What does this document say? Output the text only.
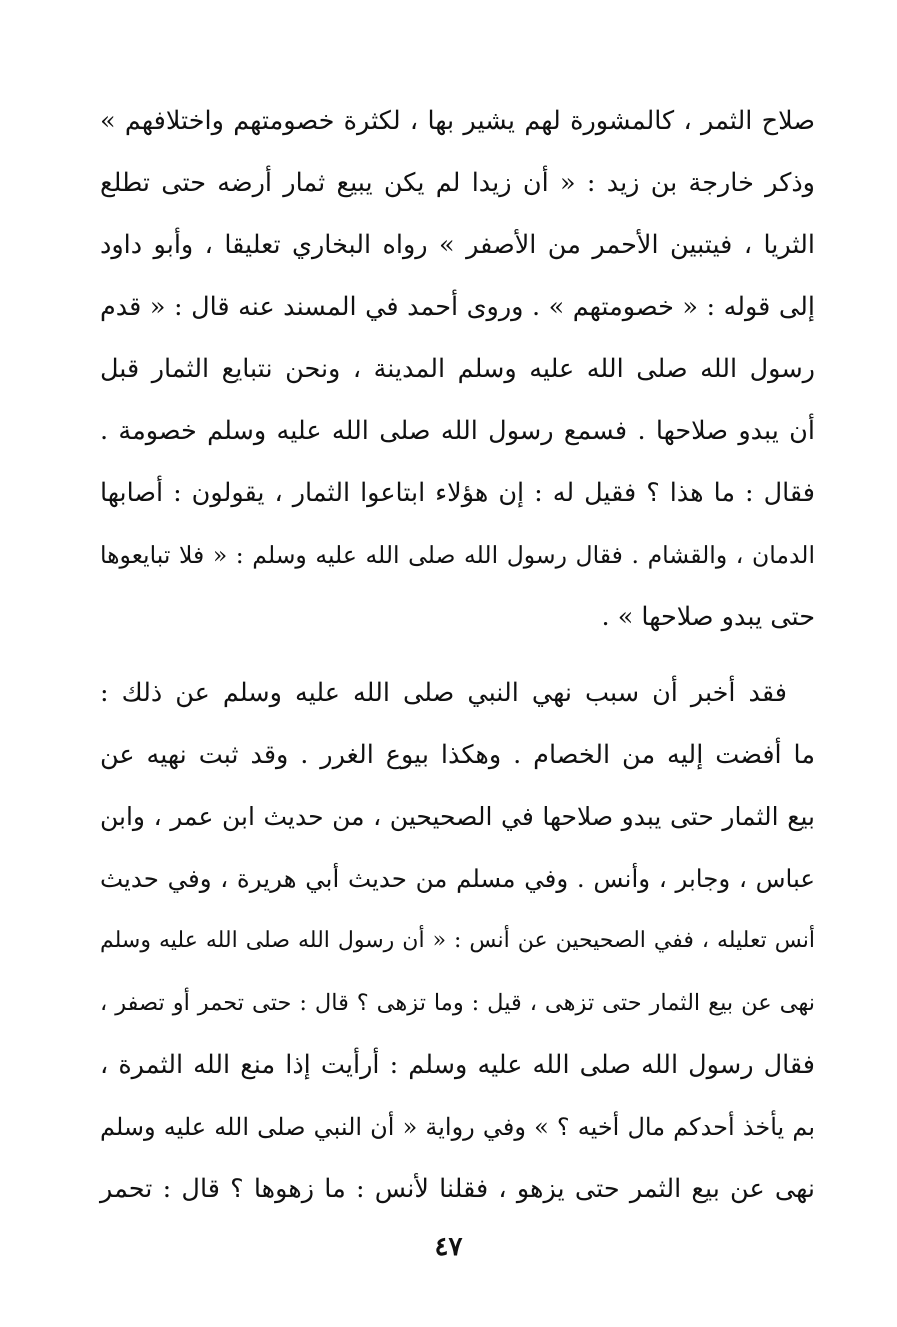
صلاح الثمر ، كالمشورة لهم يشير بها ، لكثرة خصومتهم واختلافهم »
وذكر خارجة بن زيد : « أن زيدا لم يكن يبيع ثمار أرضه حتى تطلع
الثريا ، فيتبين الأحمر من الأصفر » رواه البخاري تعليقا ، وأبو داود
إلى قوله : « خصومتهم » . وروى أحمد في المسند عنه قال : « قدم
رسول الله صلى الله عليه وسلم المدينة ، ونحن نتبايع الثمار قبل
أن يبدو صلاحها . فسمع رسول الله صلى الله عليه وسلم خصومة .
فقال : ما هذا ؟ فقيل له : إن هؤلاء ابتاعوا الثمار ، يقولون : أصابها
الدمان ، والقشام . فقال رسول الله صلى الله عليه وسلم : « فلا تبايعوها
حتى يبدو صلاحها » .
فقد أخبر أن سبب نهي النبي صلى الله عليه وسلم عن ذلك :
ما أفضت إليه من الخصام . وهكذا بيوع الغرر . وقد ثبت نهيه عن
بيع الثمار حتى يبدو صلاحها في الصحيحين ، من حديث ابن عمر ، وابن
عباس ، وجابر ، وأنس . وفي مسلم من حديث أبي هريرة ، وفي حديث
أنس تعليله ، ففي الصحيحين عن أنس : « أن رسول الله صلى الله عليه وسلم
نهى عن بيع الثمار حتى تزهى ، قيل : وما تزهى ؟ قال : حتى تحمر أو تصفر ،
فقال رسول الله صلى الله عليه وسلم : أرأيت إذا منع الله الثمرة ،
بم يأخذ أحدكم مال أخيه ؟ » وفي رواية « أن النبي صلى الله عليه وسلم
نهى عن بيع الثمر حتى يزهو ، فقلنا لأنس : ما زهوها ؟ قال : تحمر
٤٧
